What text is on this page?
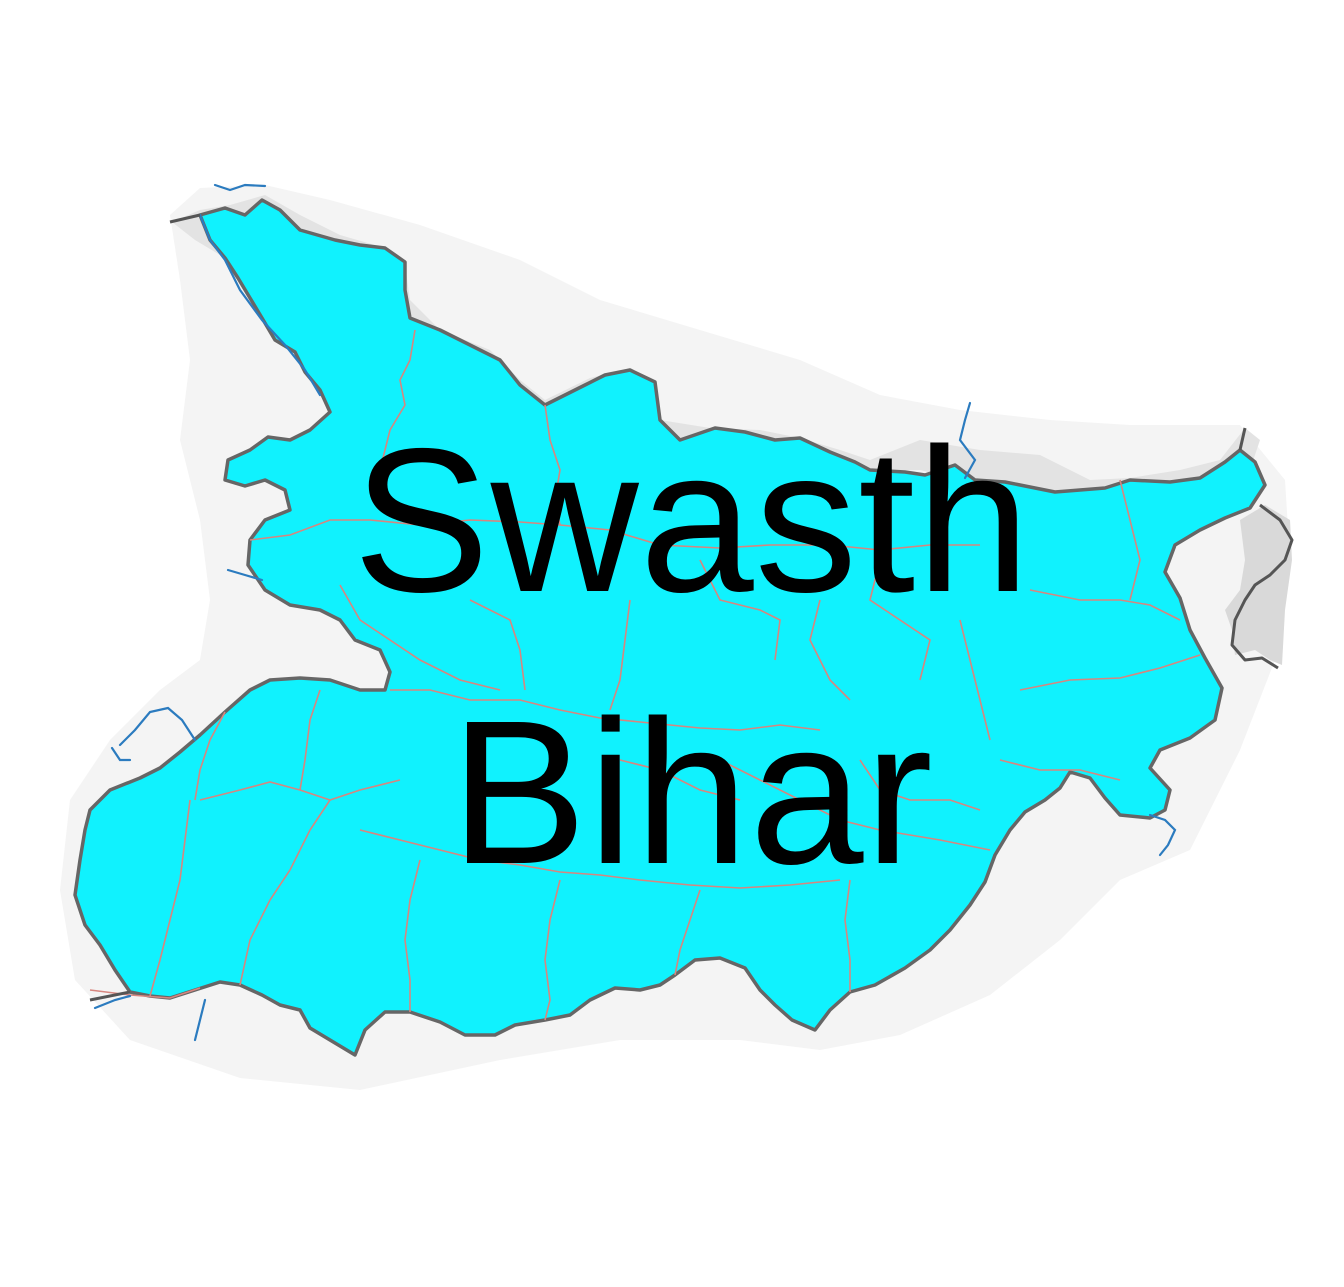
Swasth
Bihar
